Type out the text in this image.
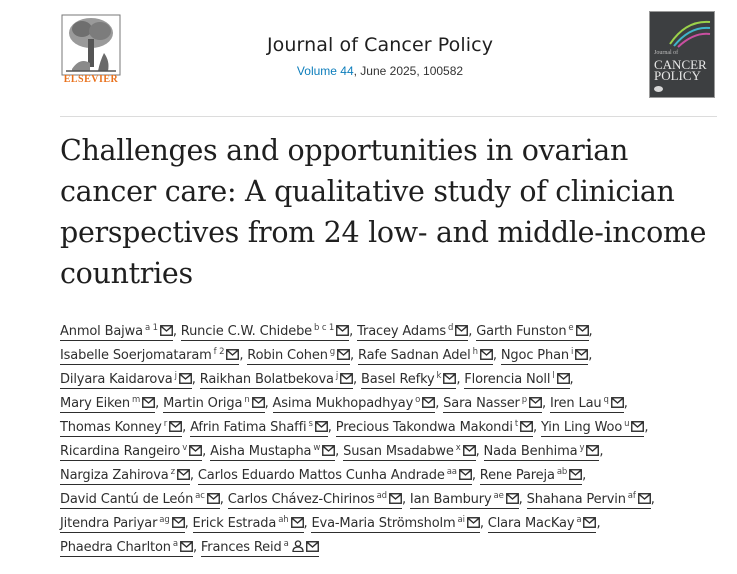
ELSEVIER
Journal of Cancer Policy
Volume 44, June 2025, 100582
Journal of
CANCER
POLICY
Challenges and opportunities in ovarian cancer care: A qualitative study of clinician perspectives from 24 low- and middle-income countries
Anmol Bajwa $^{a 1}$ , Runcie C.W. Chidebe $^{b c 1}$ , Tracey Adams $^d$ , Garth Funston $^e$ ,
Isabelle Soerjomataram $^{f 2}$ , Robin Cohen $^g$ , Rafe Sadnan Adel $^h$ , Ngoc Phan $^i$ ,
Dilyara Kaidarova $^j$ , Raikhan Bolatbekova $^j$ , Basel Refky $^k$ , Florencia Noll $^l$ ,
Mary Eiken $^m$ , Martin Origa $^n$ , Asima Mukhopadhyay $^o$ , Sara Nasser $^p$ , Iren Lau $^q$ ,
Thomas Konney $^r$ , Afrin Fatima Shaffi $^s$ , Precious Takondwa Makondi $^t$ , Yin Ling Woo $^u$ ,
Ricardina Rangeiro $^v$ , Aisha Mustapha $^w$ , Susan Msadabwe $^x$ , Nada Benhima $^y$ ,
Nargiza Zahirova $^z$ , Carlos Eduardo Mattos Cunha Andrade $^{aa}$ , Rene Pareja $^{ab}$ ,
David Cantú de León $^{ac}$ , Carlos Chávez-Chirinos $^{ad}$ , Ian Bambury $^{ae}$ , Shahana Pervin $^{af}$ ,
Jitendra Pariyar $^{ag}$ , Erick Estrada $^{ah}$ , Eva-Maria Strömsholm $^{ai}$ , Clara MacKay $^a$ ,
Phaedra Charlton $^a$ , Frances Reid $^a$
